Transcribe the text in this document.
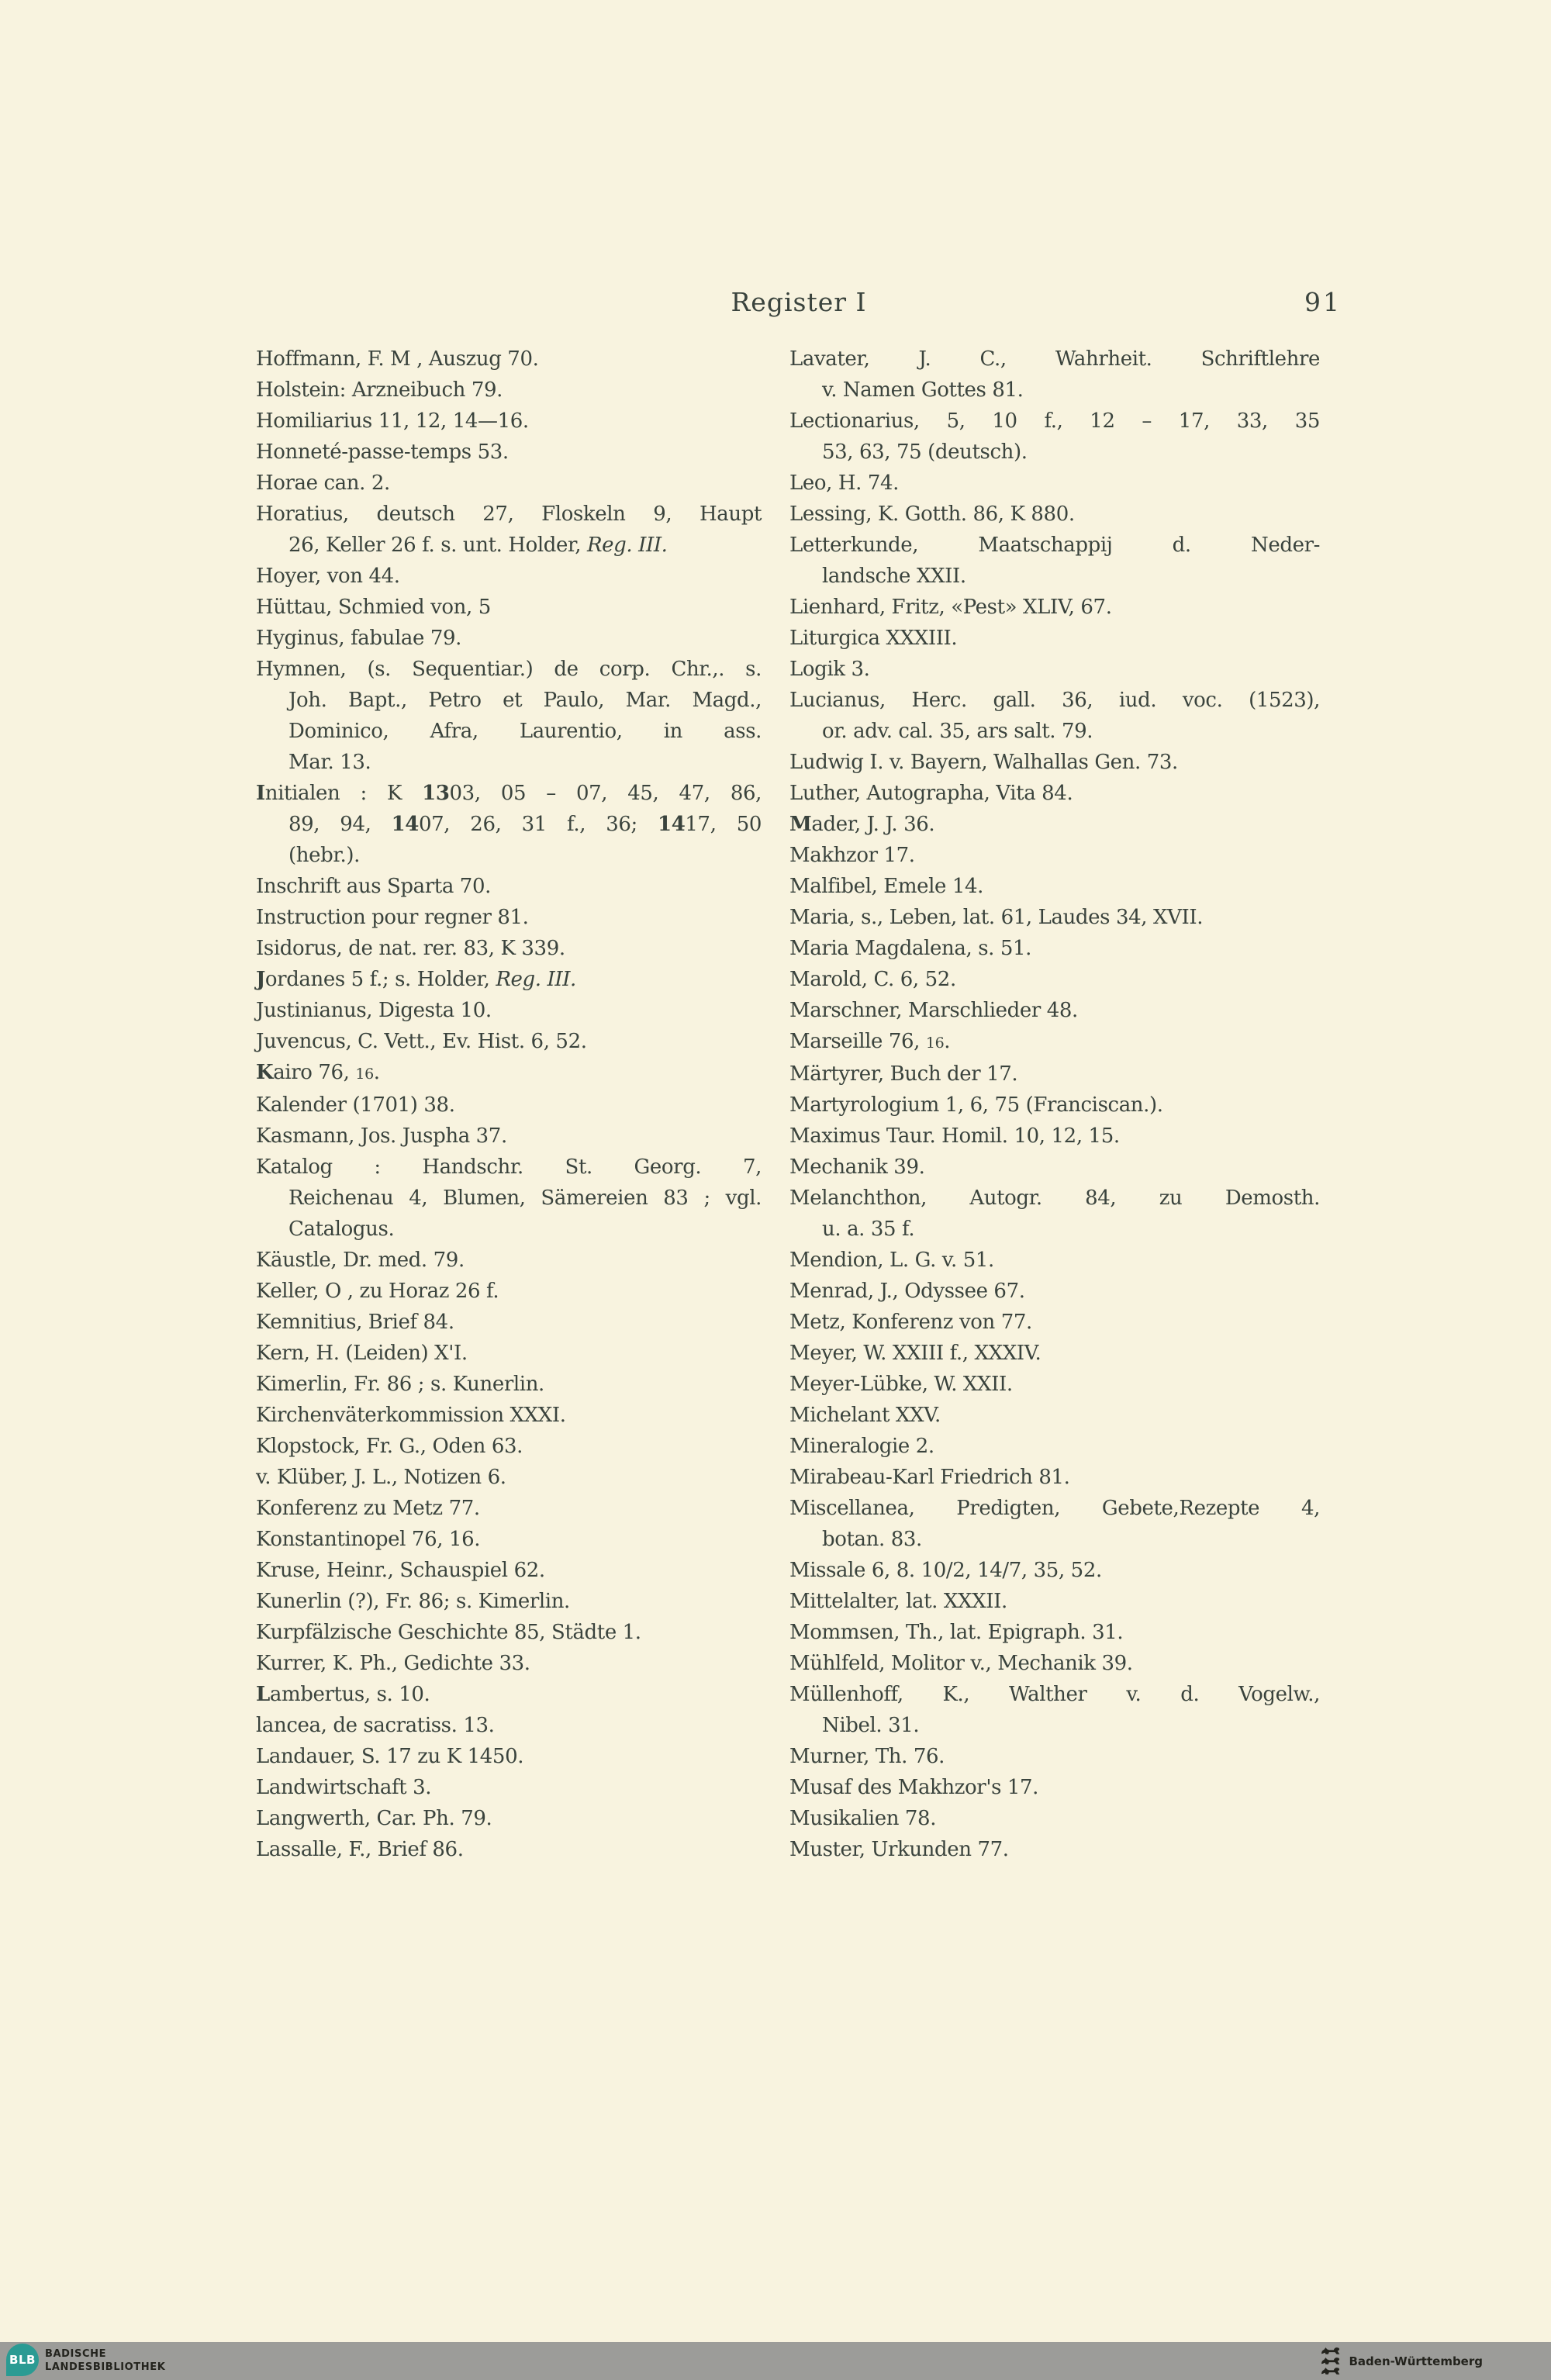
Register I	91
Hoffmann, F. M , Auszug 70.
Holstein: Arzneibuch 79.
Homiliarius 11, 12, 14—16.
Honneté-passe-temps 53.
Horae can. 2.
Horatius, deutsch 27, Floskeln 9, Haupt
26, Keller 26 f. s. unt. Holder, Reg. III.
Hoyer, von 44.
Hüttau, Schmied von, 5
Hyginus, fabulae 79.
Hymnen, (s. Sequentiar.) de corp. Chr.,. s.
Joh. Bapt., Petro et Paulo, Mar. Magd.,
Dominico, Afra, Laurentio, in ass.
Mar. 13.
Initialen : K 1303, 05 – 07, 45, 47, 86,
89, 94, 1407, 26, 31 f., 36; 1417, 50
(hebr.).
Inschrift aus Sparta 70.
Instruction pour regner 81.
Isidorus, de nat. rer. 83, K 339.
Jordanes 5 f.; s. Holder, Reg. III.
Justinianus, Digesta 10.
Juvencus, C. Vett., Ev. Hist. 6, 52.
Kairo 76, 16.
Kalender (1701) 38.
Kasmann, Jos. Juspha 37.
Katalog : Handschr. St. Georg. 7,
Reichenau 4, Blumen, Sämereien 83 ; vgl.
Catalogus.
Käustle, Dr. med. 79.
Keller, O , zu Horaz 26 f.
Kemnitius, Brief 84.
Kern, H. (Leiden) X'I.
Kimerlin, Fr. 86 ; s. Kunerlin.
Kirchenväterkommission XXXI.
Klopstock, Fr. G., Oden 63.
v. Klüber, J. L., Notizen 6.
Konferenz zu Metz 77.
Konstantinopel 76, 16.
Kruse, Heinr., Schauspiel 62.
Kunerlin (?), Fr. 86; s. Kimerlin.
Kurpfälzische Geschichte 85, Städte 1.
Kurrer, K. Ph., Gedichte 33.
Lambertus, s. 10.
lancea, de sacratiss. 13.
Landauer, S. 17 zu K 1450.
Landwirtschaft 3.
Langwerth, Car. Ph. 79.
Lassalle, F., Brief 86.
Lavater, J. C., Wahrheit. Schriftlehre
v. Namen Gottes 81.
Lectionarius, 5, 10 f., 12 – 17, 33, 35
53, 63, 75 (deutsch).
Leo, H. 74.
Lessing, K. Gotth. 86, K 880.
Letterkunde, Maatschappij d. Neder-
landsche XXII.
Lienhard, Fritz, «Pest» XLIV, 67.
Liturgica XXXIII.
Logik 3.
Lucianus, Herc. gall. 36, iud. voc. (1523),
or. adv. cal. 35, ars salt. 79.
Ludwig I. v. Bayern, Walhallas Gen. 73.
Luther, Autographa, Vita 84.
Mader, J. J. 36.
Makhzor 17.
Malfibel, Emele 14.
Maria, s., Leben, lat. 61, Laudes 34, XVII.
Maria Magdalena, s. 51.
Marold, C. 6, 52.
Marschner, Marschlieder 48.
Marseille 76, 16.
Märtyrer, Buch der 17.
Martyrologium 1, 6, 75 (Franciscan.).
Maximus Taur. Homil. 10, 12, 15.
Mechanik 39.
Melanchthon, Autogr. 84, zu Demosth.
u. a. 35 f.
Mendion, L. G. v. 51.
Menrad, J., Odyssee 67.
Metz, Konferenz von 77.
Meyer, W. XXIII f., XXXIV.
Meyer-Lübke, W. XXII.
Michelant XXV.
Mineralogie 2.
Mirabeau-Karl Friedrich 81.
Miscellanea, Predigten, Gebete,Rezepte 4,
botan. 83.
Missale 6, 8. 10/2, 14/7, 35, 52.
Mittelalter, lat. XXXII.
Mommsen, Th., lat. Epigraph. 31.
Mühlfeld, Molitor v., Mechanik 39.
Müllenhoff, K., Walther v. d. Vogelw.,
Nibel. 31.
Murner, Th. 76.
Musaf des Makhzor's 17.
Musikalien 78.
Muster, Urkunden 77.
BLB BADISCHE
LANDESBIBLIOTHEK	Baden-Württemberg
